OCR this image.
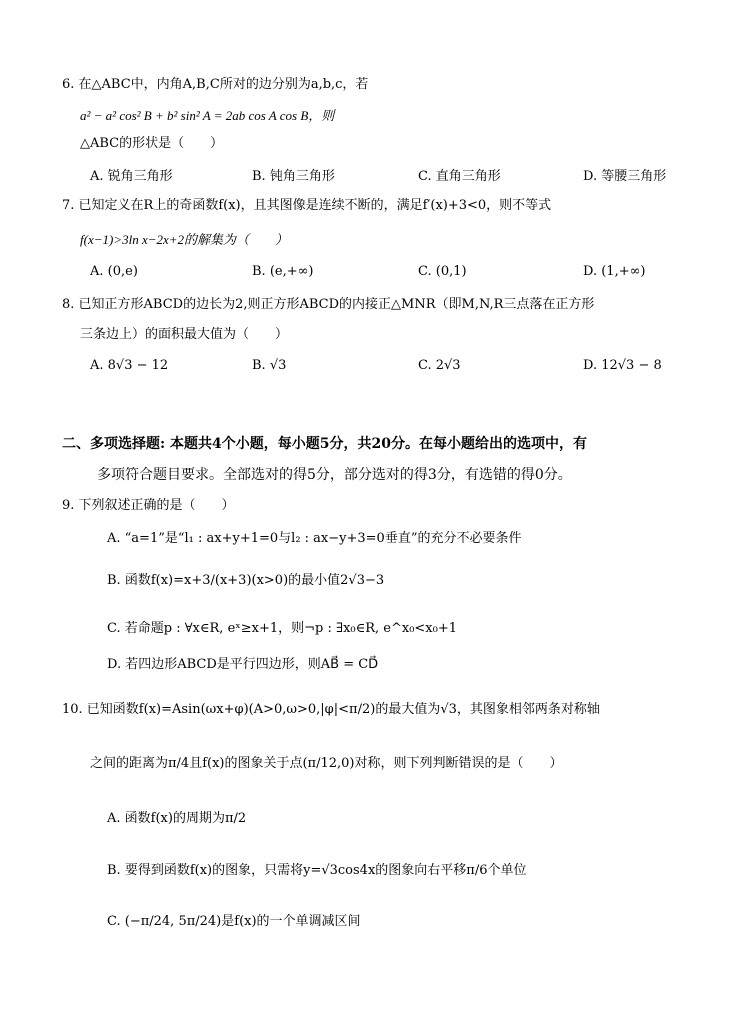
6. 在△ABC中，内角A,B,C所对的边分别为a,b,c，若
a² − a² cos² B + b² sin² A = 2ab cos A cos B，则
△ABC的形状是（　　）
A. 锐角三角形	B. 钝角三角形	C. 直角三角形	D. 等腰三角形
7. 已知定义在R上的奇函数f(x)，且其图像是连续不断的，满足f′(x)+3<0，则不等式
f(x−1)>3ln x−2x+2的解集为（　　）
A. (0,e)	B. (e,+∞)	C. (0,1)	D. (1,+∞)
8. 已知正方形ABCD的边长为2,则正方形ABCD的内接正△MNR（即M,N,R三点落在正方形
三条边上）的面积最大值为（　　）
A. 8√3 − 12	B. √3	C. 2√3	D. 12√3 − 8
二、多项选择题: 本题共4个小题，每小题5分，共20分。在每小题给出的选项中，有
多项符合题目要求。全部选对的得5分，部分选对的得3分，有选错的得0分。
9. 下列叙述正确的是（　　）
A. “a=1”是“l₁ : ax+y+1=0与l₂ : ax−y+3=0垂直”的充分不必要条件
B. 函数f(x)=x+3/(x+3)(x>0)的最小值2√3−3
C. 若命题p : ∀x∈R, eˣ≥x+1，则¬p : ∃x₀∈R, e^x₀<x₀+1
D. 若四边形ABCD是平行四边形，则AB⃗ = CD⃗
10. 已知函数f(x)=Asin(ωx+φ)(A>0,ω>0,|φ|<π/2)的最大值为√3，其图象相邻两条对称轴
之间的距离为π/4且f(x)的图象关于点(π/12,0)对称，则下列判断错误的是（　　）
A. 函数f(x)的周期为π/2
B. 要得到函数f(x)的图象，只需将y=√3cos4x的图象向右平移π/6个单位
C. (−π/24, 5π/24)是f(x)的一个单调减区间
